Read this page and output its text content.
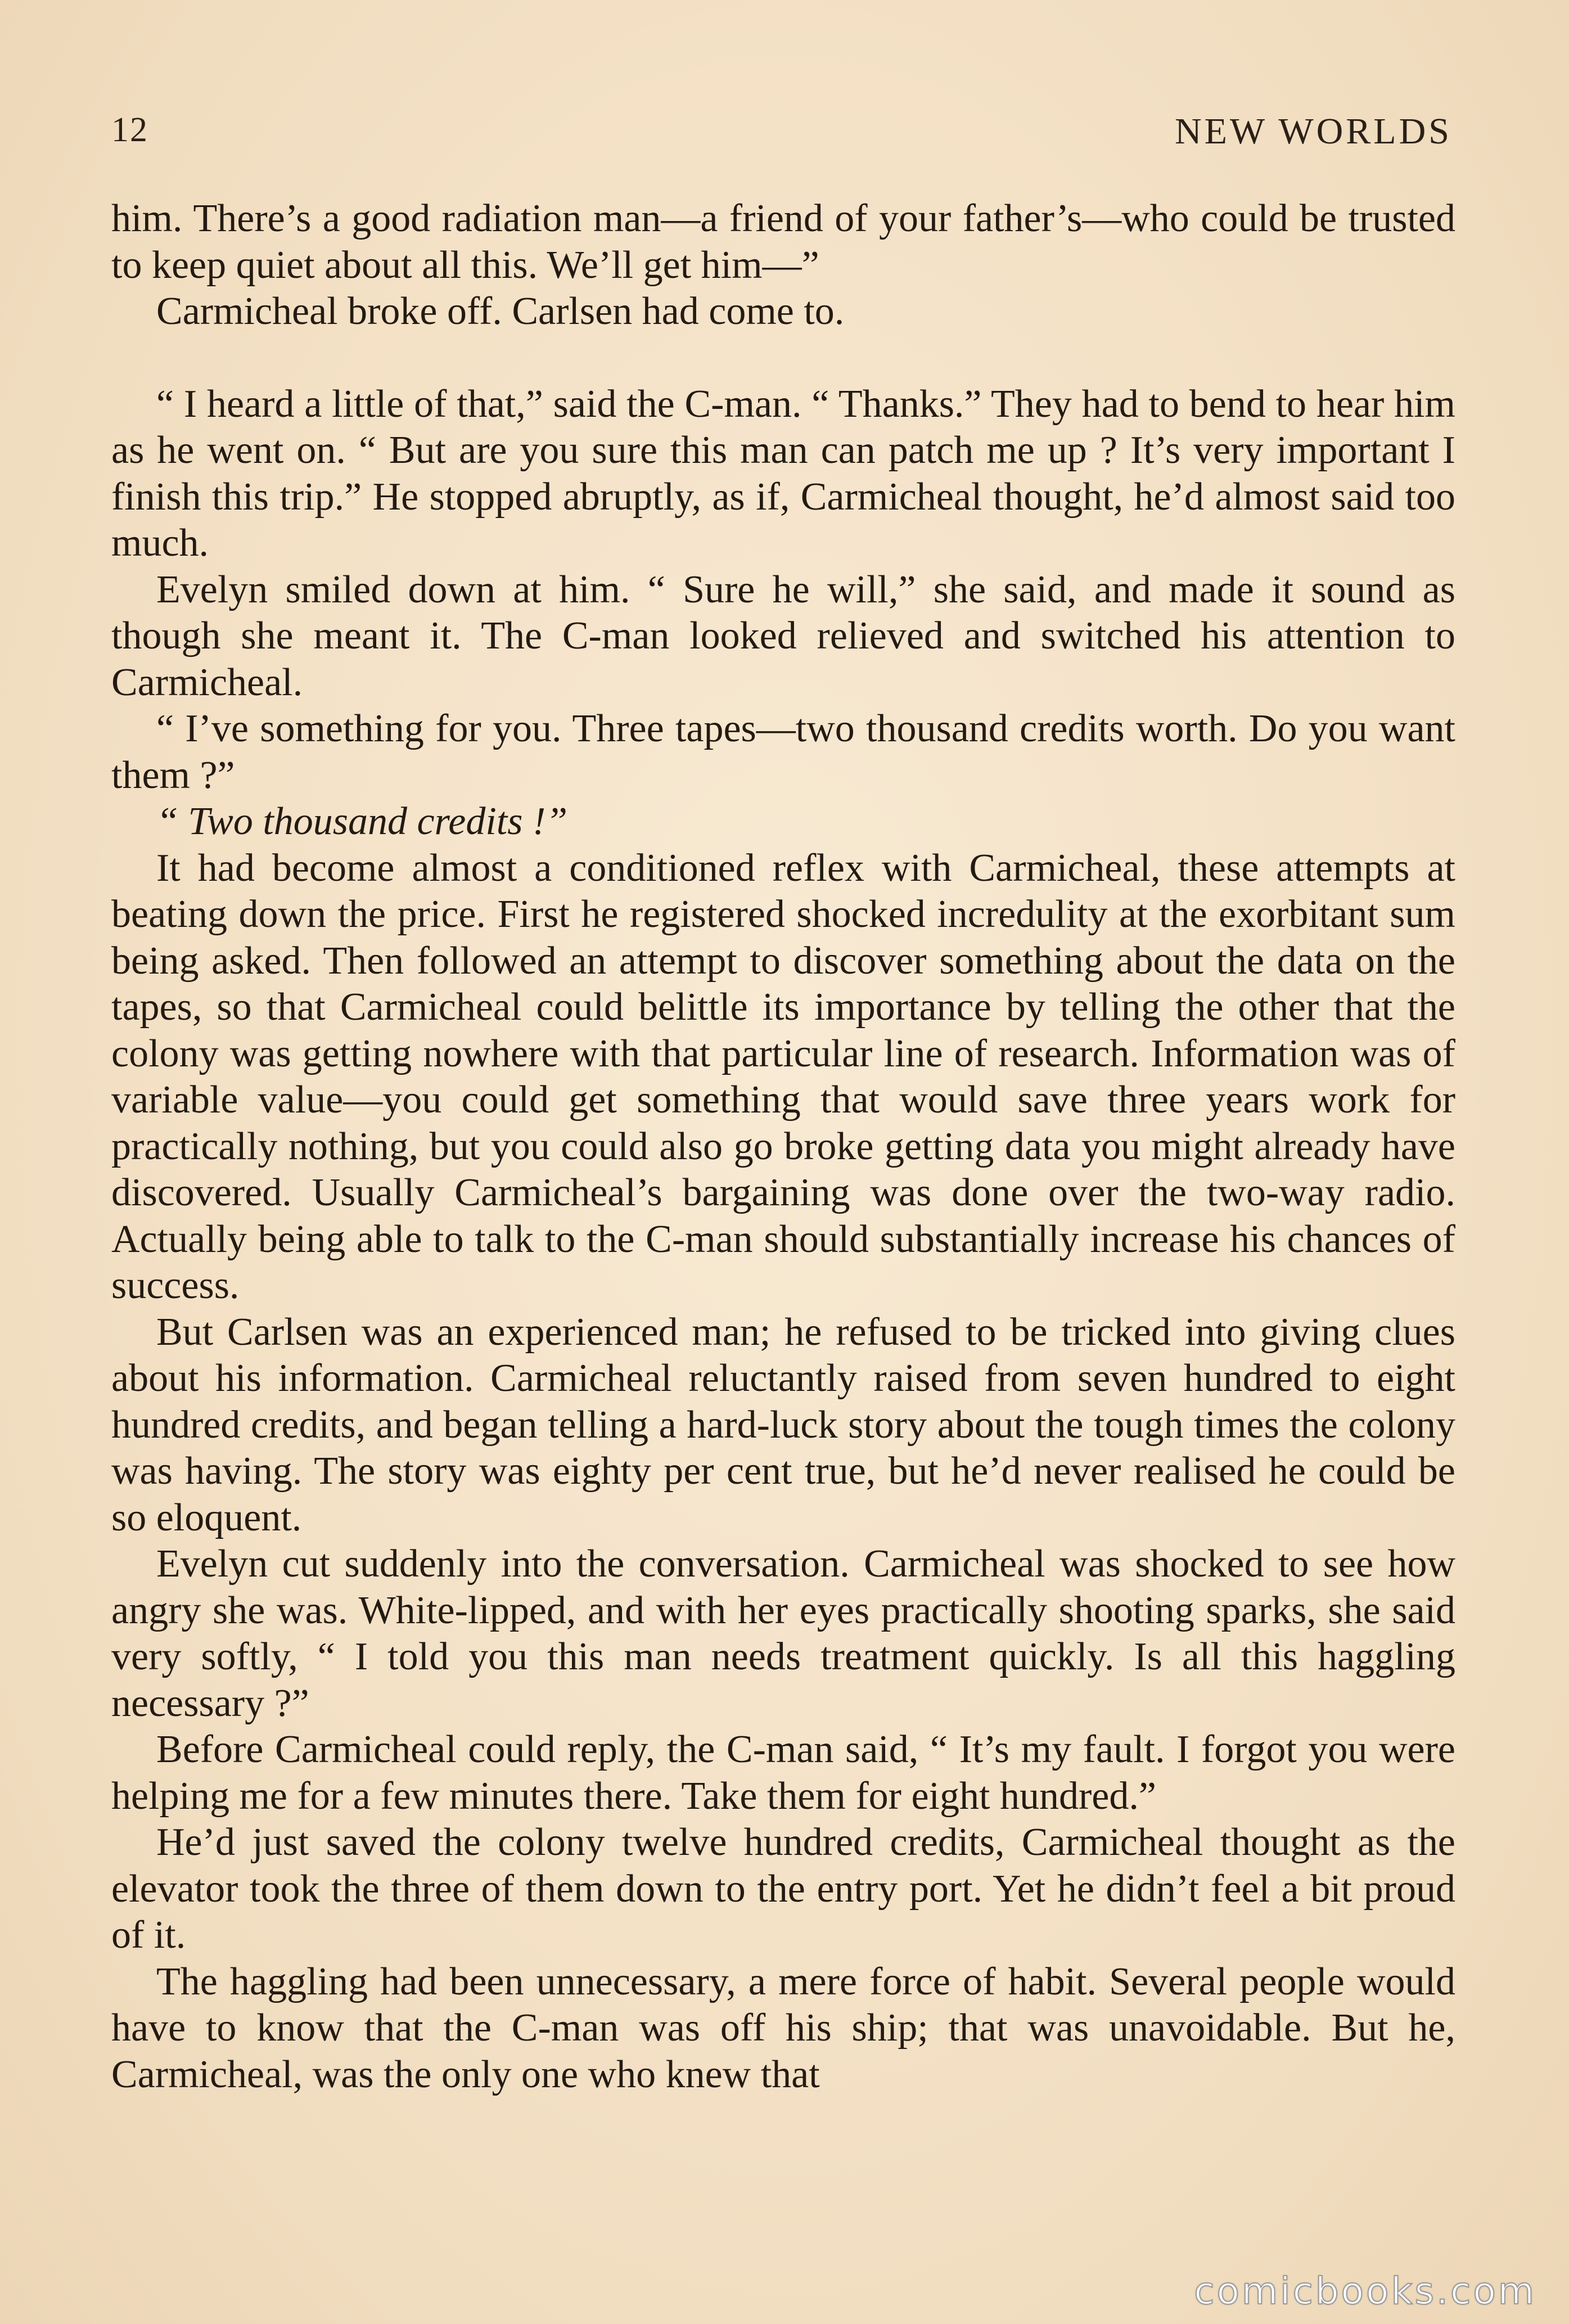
12	NEW WORLDS

him. There’s a good radiation man—a friend of your father’s—who could be trusted to keep quiet about all this. We’ll get him—”

Carmicheal broke off. Carlsen had come to.

“ I heard a little of that,” said the C-man. “ Thanks.” They had to bend to hear him as he went on. “ But are you sure this man can patch me up ? It’s very important I finish this trip.” He stopped abruptly, as if, Carmicheal thought, he’d almost said too much.

Evelyn smiled down at him. “ Sure he will,” she said, and made it sound as though she meant it. The C-man looked relieved and switched his attention to Carmicheal.

“ I’ve something for you. Three tapes—two thousand credits worth. Do you want them ?”

“ Two thousand credits !”

It had become almost a conditioned reflex with Carmicheal, these attempts at beating down the price. First he registered shocked incredulity at the exorbitant sum being asked. Then followed an attempt to discover something about the data on the tapes, so that Carmicheal could belittle its importance by telling the other that the colony was getting nowhere with that particular line of research. Information was of variable value—you could get something that would save three years work for practically nothing, but you could also go broke getting data you might already have discovered. Usually Carmicheal’s bargaining was done over the two-way radio. Actually being able to talk to the C-man should substantially increase his chances of success.

But Carlsen was an experienced man; he refused to be tricked into giving clues about his information. Carmicheal reluctantly raised from seven hundred to eight hundred credits, and began telling a hard-luck story about the tough times the colony was having. The story was eighty per cent true, but he’d never realised he could be so eloquent.

Evelyn cut suddenly into the conversation. Carmicheal was shocked to see how angry she was. White-lipped, and with her eyes practically shooting sparks, she said very softly, “ I told you this man needs treatment quickly. Is all this haggling necessary ?”

Before Carmicheal could reply, the C-man said, “ It’s my fault. I forgot you were helping me for a few minutes there. Take them for eight hundred.”

He’d just saved the colony twelve hundred credits, Carmicheal thought as the elevator took the three of them down to the entry port. Yet he didn’t feel a bit proud of it.

The haggling had been unnecessary, a mere force of habit. Several people would have to know that the C-man was off his ship; that was unavoidable. But he, Carmicheal, was the only one who knew that

comicbooks.com
